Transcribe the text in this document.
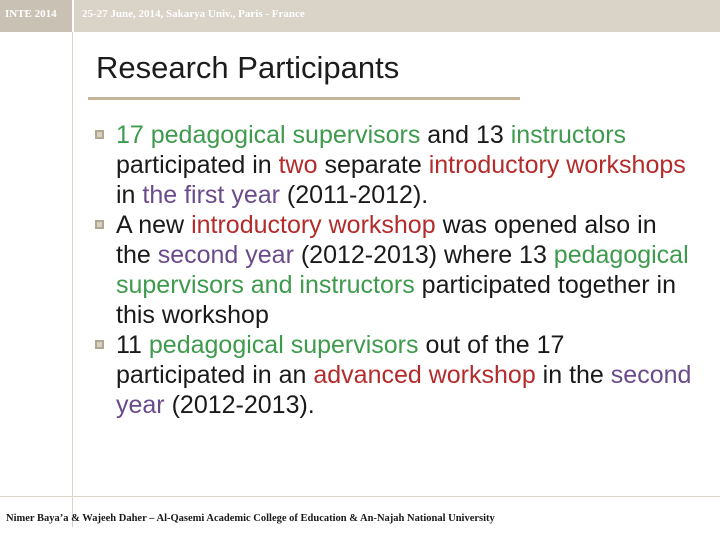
INTE 2014 25-27 June, 2014, Sakarya Univ., Paris - France
Research Participants
17 pedagogical supervisors and 13 instructors participated in two separate introductory workshops in the first year (2011-2012).
A new introductory workshop was opened also in the second year (2012-2013) where 13 pedagogical supervisors and instructors participated together in this workshop
11 pedagogical supervisors out of the 17 participated in an advanced workshop in the second year (2012-2013).
Nimer Baya’a & Wajeeh Daher – Al-Qasemi Academic College of Education & An-Najah National University
